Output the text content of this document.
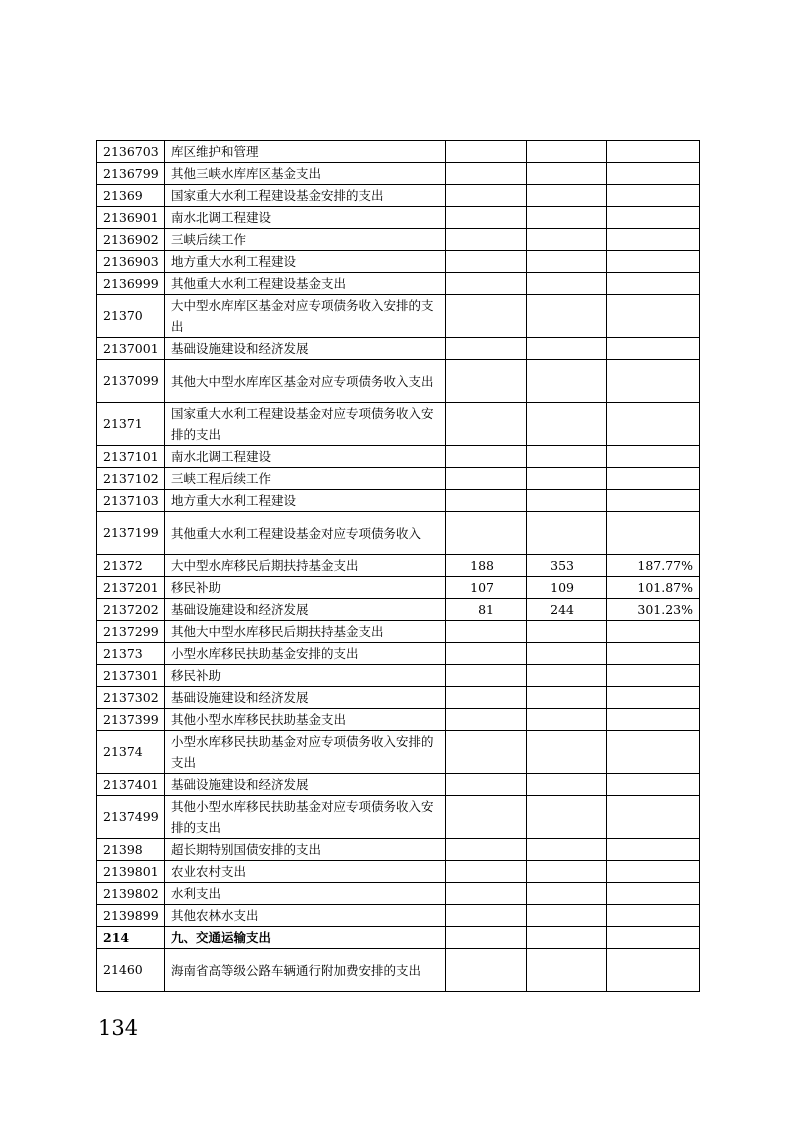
2136703	库区维护和管理			
2136799	其他三峡水库库区基金支出			
21369	国家重大水利工程建设基金安排的支出			
2136901	南水北调工程建设			
2136902	三峡后续工作			
2136903	地方重大水利工程建设			
2136999	其他重大水利工程建设基金支出			
21370	大中型水库库区基金对应专项债务收入安排的支出			
2137001	基础设施建设和经济发展			
2137099	其他大中型水库库区基金对应专项债务收入支出			
21371	国家重大水利工程建设基金对应专项债务收入安排的支出			
2137101	南水北调工程建设			
2137102	三峡工程后续工作			
2137103	地方重大水利工程建设			
2137199	其他重大水利工程建设基金对应专项债务收入			
21372	大中型水库移民后期扶持基金支出	188	353	187.77%
2137201	移民补助	107	109	101.87%
2137202	基础设施建设和经济发展	81	244	301.23%
2137299	其他大中型水库移民后期扶持基金支出			
21373	小型水库移民扶助基金安排的支出			
2137301	移民补助			
2137302	基础设施建设和经济发展			
2137399	其他小型水库移民扶助基金支出			
21374	小型水库移民扶助基金对应专项债务收入安排的支出			
2137401	基础设施建设和经济发展			
2137499	其他小型水库移民扶助基金对应专项债务收入安排的支出			
21398	超长期特别国债安排的支出			
2139801	农业农村支出			
2139802	水利支出			
2139899	其他农林水支出			
214	九、交通运输支出			
21460	海南省高等级公路车辆通行附加费安排的支出			
134
